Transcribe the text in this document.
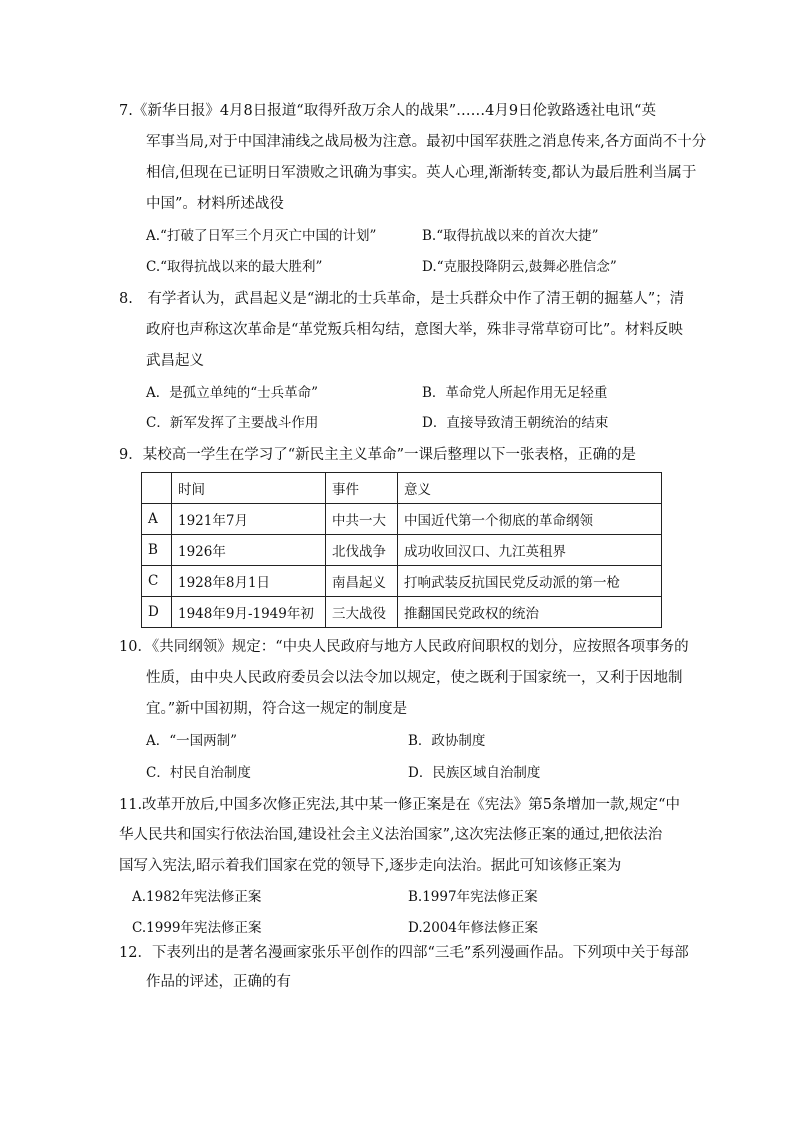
7.《新华日报》4月8日报道“取得歼敌万余人的战果”……4月9日伦敦路透社电讯“英
军事当局,对于中国津浦线之战局极为注意。最初中国军获胜之消息传来,各方面尚不十分
相信,但现在已证明日军溃败之讯确为事实。英人心理,渐渐转变,都认为最后胜利当属于
中国”。材料所述战役
A.“打破了日军三个月灭亡中国的计划”	B.“取得抗战以来的首次大捷”
C.“取得抗战以来的最大胜利”	D.“克服投降阴云,鼓舞必胜信念”
8.　有学者认为，武昌起义是“湖北的士兵革命，是士兵群众中作了清王朝的掘墓人”；清
政府也声称这次革命是“革党叛兵相勾结，意图大举，殊非寻常草窃可比”。材料反映
武昌起义
A．是孤立单纯的“士兵革命”	B．革命党人所起作用无足轻重
C．新军发挥了主要战斗作用	D．直接导致清王朝统治的结束
9．某校高一学生在学习了“新民主主义革命”一课后整理以下一张表格，正确的是
	时间	事件	意义
A	1921年7月	中共一大	中国近代第一个彻底的革命纲领
B	1926年	北伐战争	成功收回汉口、九江英租界
C	1928年8月1日	南昌起义	打响武装反抗国民党反动派的第一枪
D	1948年9月-1949年初	三大战役	推翻国民党政权的统治
10．《共同纲领》规定：“中央人民政府与地方人民政府间职权的划分，应按照各项事务的
性质，由中央人民政府委员会以法令加以规定，使之既利于国家统一，又利于因地制
宜。”新中国初期，符合这一规定的制度是
A．“一国两制”	B．政协制度
C．村民自治制度	D．民族区域自治制度
11.改革开放后,中国多次修正宪法,其中某一修正案是在《宪法》第5条增加一款,规定“中
华人民共和国实行依法治国,建设社会主义法治国家”,这次宪法修正案的通过,把依法治
国写入宪法,昭示着我们国家在党的领导下,逐步走向法治。据此可知该修正案为
A.1982年宪法修正案	B.1997年宪法修正案
C.1999年宪法修正案	D.2004年修法修正案
12．下表列出的是著名漫画家张乐平创作的四部“三毛”系列漫画作品。下列项中关于每部
作品的评述，正确的有
